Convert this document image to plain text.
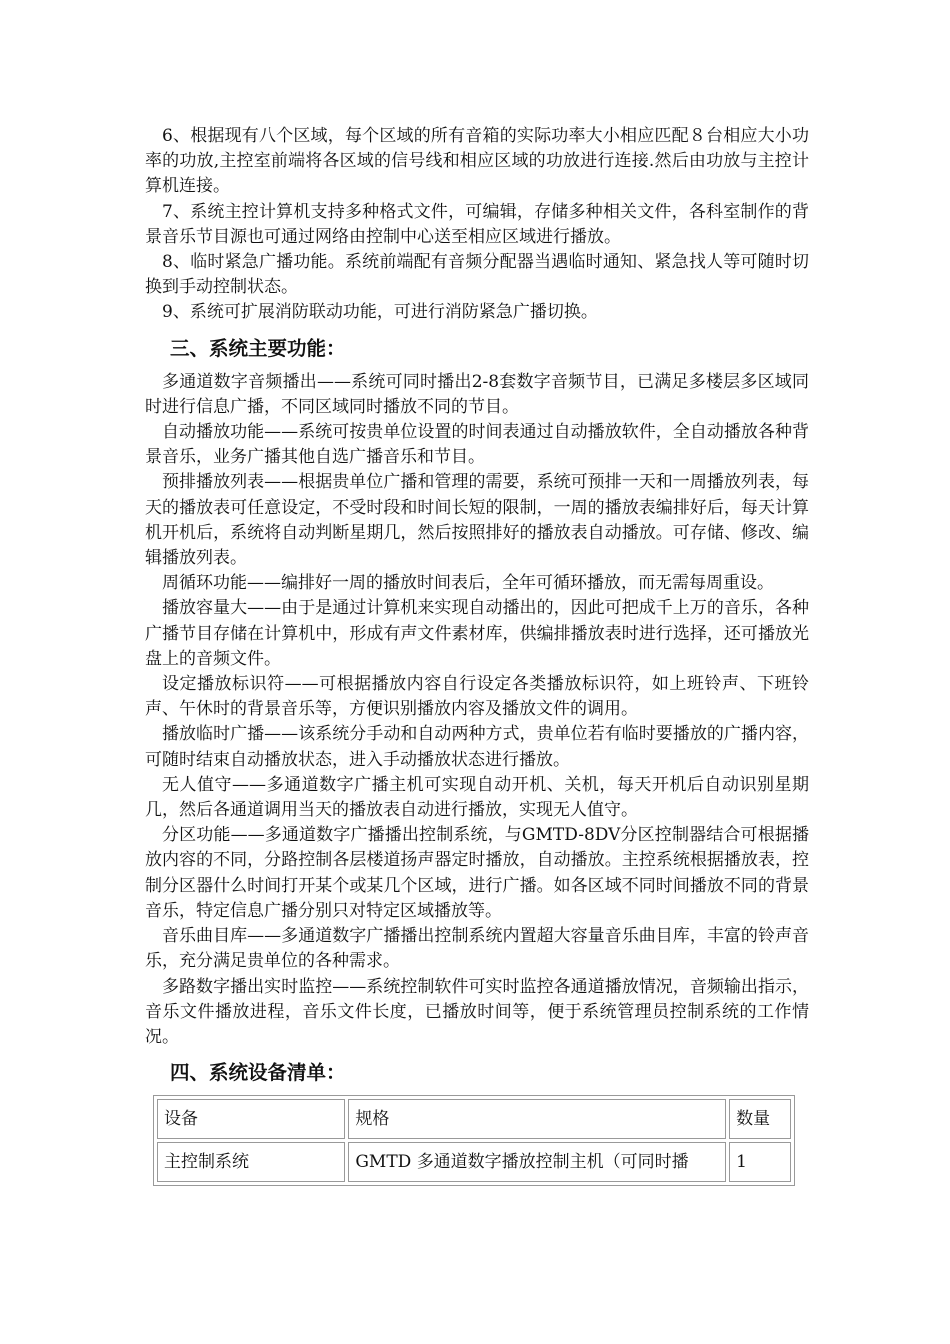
6、根据现有八个区域，每个区域的所有音箱的实际功率大小相应匹配８台相应大小功率的功放,主控室前端将各区域的信号线和相应区域的功放进行连接.然后由功放与主控计算机连接。

7、系统主控计算机支持多种格式文件，可编辑，存储多种相关文件，各科室制作的背景音乐节目源也可通过网络由控制中心送至相应区域进行播放。

8、临时紧急广播功能。系统前端配有音频分配器当遇临时通知、紧急找人等可随时切换到手动控制状态。

9、系统可扩展消防联动功能，可进行消防紧急广播切换。

三、系统主要功能：

多通道数字音频播出——系统可同时播出2-8套数字音频节目，已满足多楼层多区域同时进行信息广播，不同区域同时播放不同的节目。

自动播放功能——系统可按贵单位设置的时间表通过自动播放软件，全自动播放各种背景音乐，业务广播其他自选广播音乐和节目。

预排播放列表——根据贵单位广播和管理的需要，系统可预排一天和一周播放列表，每天的播放表可任意设定，不受时段和时间长短的限制，一周的播放表编排好后，每天计算机开机后，系统将自动判断星期几，然后按照排好的播放表自动播放。可存储、修改、编辑播放列表。

周循环功能——编排好一周的播放时间表后，全年可循环播放，而无需每周重设。

播放容量大——由于是通过计算机来实现自动播出的，因此可把成千上万的音乐，各种广播节目存储在计算机中，形成有声文件素材库，供编排播放表时进行选择，还可播放光盘上的音频文件。

设定播放标识符——可根据播放内容自行设定各类播放标识符，如上班铃声、下班铃声、午休时的背景音乐等，方便识别播放内容及播放文件的调用。

播放临时广播——该系统分手动和自动两种方式，贵单位若有临时要播放的广播内容，可随时结束自动播放状态，进入手动播放状态进行播放。

无人值守——多通道数字广播主机可实现自动开机、关机，每天开机后自动识别星期几，然后各通道调用当天的播放表自动进行播放，实现无人值守。

分区功能——多通道数字广播播出控制系统，与GMTD-8DV分区控制器结合可根据播放内容的不同，分路控制各层楼道扬声器定时播放，自动播放。主控系统根据播放表，控制分区器什么时间打开某个或某几个区域，进行广播。如各区域不同时间播放不同的背景音乐，特定信息广播分别只对特定区域播放等。

音乐曲目库——多通道数字广播播出控制系统内置超大容量音乐曲目库，丰富的铃声音乐，充分满足贵单位的各种需求。

多路数字播出实时监控——系统控制软件可实时监控各通道播放情况，音频输出指示，音乐文件播放进程，音乐文件长度，已播放时间等，便于系统管理员控制系统的工作情况。

四、系统设备清单：
设备	规格	数量
主控制系统	GMTD 多通道数字播放控制主机（可同时播	1
